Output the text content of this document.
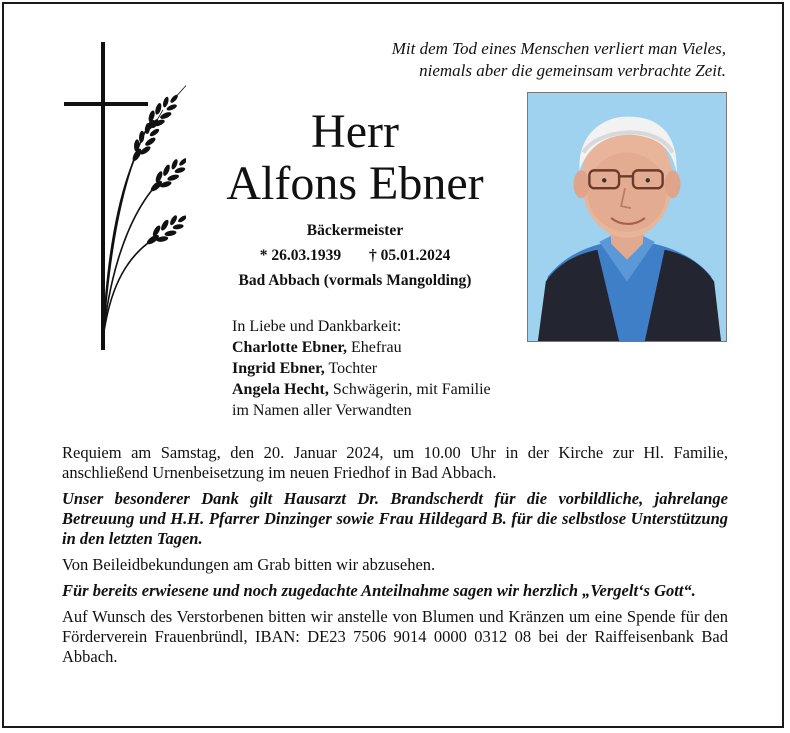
Mit dem Tod eines Menschen verliert man Vieles,
niemals aber die gemeinsam verbrachte Zeit.
Herr
Alfons Ebner
Bäckermeister
* 26.03.1939 † 05.01.2024
Bad Abbach (vormals Mangolding)
In Liebe und Dankbarkeit:
Charlotte Ebner, Ehefrau
Ingrid Ebner, Tochter
Angela Hecht, Schwägerin, mit Familie
im Namen aller Verwandten

Requiem am Samstag, den 20. Januar 2024, um 10.00 Uhr in der Kirche zur Hl. Familie, anschließend Urnenbeisetzung im neuen Friedhof in Bad Abbach.

Unser besonderer Dank gilt Hausarzt Dr. Brandscherdt für die vorbildliche, jahrelange Betreuung und H.H. Pfarrer Dinzinger sowie Frau Hildegard B. für die selbstlose Unterstützung in den letzten Tagen.

Von Beileidbekundungen am Grab bitten wir abzusehen.

Für bereits erwiesene und noch zugedachte Anteilnahme sagen wir herzlich „Vergelt‘s Gott“.

Auf Wunsch des Verstorbenen bitten wir anstelle von Blumen und Kränzen um eine Spende für den Förderverein Frauenbründl, IBAN: DE23 7506 9014 0000 0312 08 bei der Raiffeisenbank Bad Abbach.
